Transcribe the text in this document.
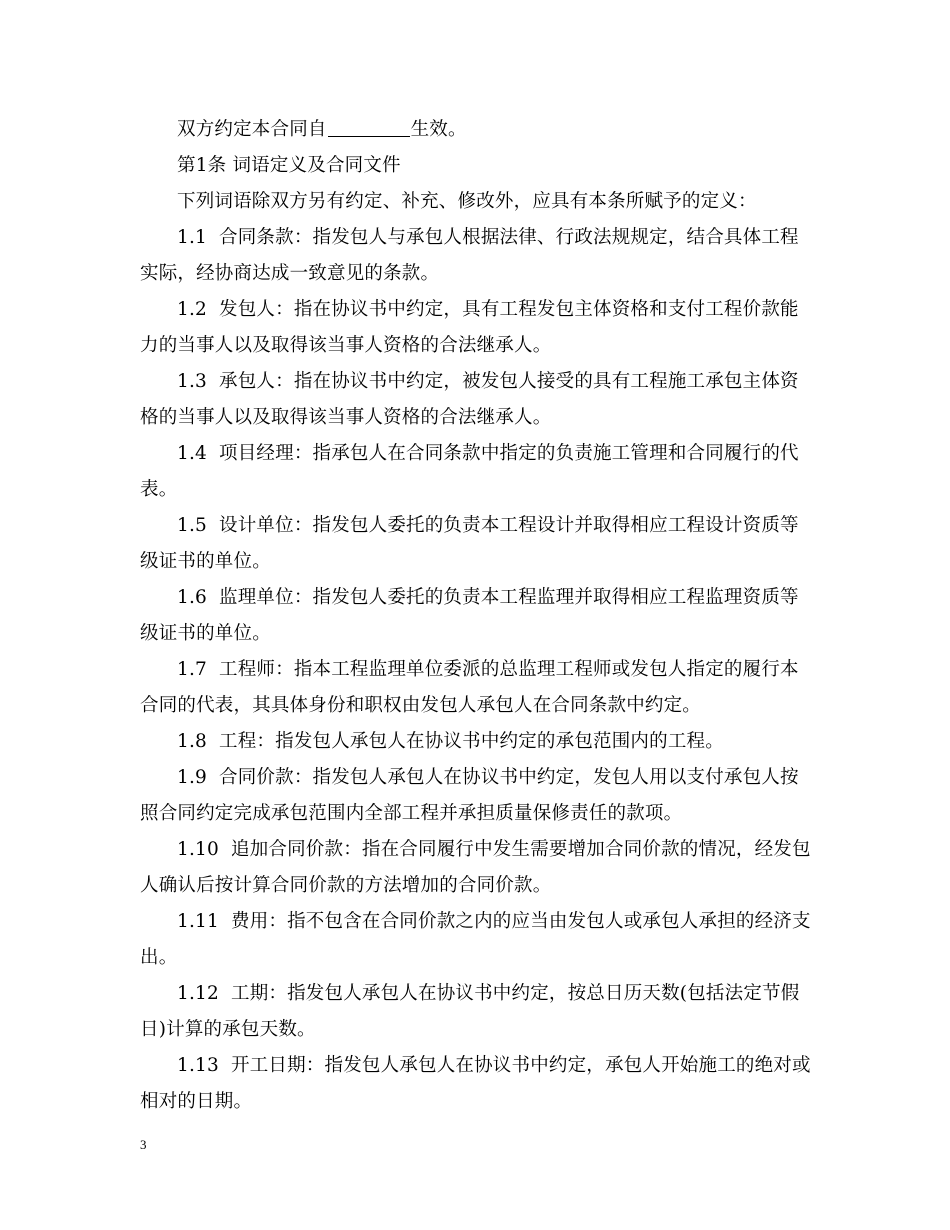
双方约定本合同自	生效。
第1条 词语定义及合同文件
下列词语除双方另有约定、补充、修改外，应具有本条所赋予的定义：
1.1 合同条款：指发包人与承包人根据法律、行政法规规定，结合具体工程
实际，经协商达成一致意见的条款。
1.2 发包人：指在协议书中约定，具有工程发包主体资格和支付工程价款能
力的当事人以及取得该当事人资格的合法继承人。
1.3 承包人：指在协议书中约定，被发包人接受的具有工程施工承包主体资
格的当事人以及取得该当事人资格的合法继承人。
1.4 项目经理：指承包人在合同条款中指定的负责施工管理和合同履行的代
表。
1.5 设计单位：指发包人委托的负责本工程设计并取得相应工程设计资质等
级证书的单位。
1.6 监理单位：指发包人委托的负责本工程监理并取得相应工程监理资质等
级证书的单位。
1.7 工程师：指本工程监理单位委派的总监理工程师或发包人指定的履行本
合同的代表，其具体身份和职权由发包人承包人在合同条款中约定。
1.8 工程：指发包人承包人在协议书中约定的承包范围内的工程。
1.9 合同价款：指发包人承包人在协议书中约定，发包人用以支付承包人按
照合同约定完成承包范围内全部工程并承担质量保修责任的款项。
1.10 追加合同价款：指在合同履行中发生需要增加合同价款的情况，经发包
人确认后按计算合同价款的方法增加的合同价款。
1.11 费用：指不包含在合同价款之内的应当由发包人或承包人承担的经济支
出。
1.12 工期：指发包人承包人在协议书中约定，按总日历天数(包括法定节假
日)计算的承包天数。
1.13 开工日期：指发包人承包人在协议书中约定，承包人开始施工的绝对或
相对的日期。
3
